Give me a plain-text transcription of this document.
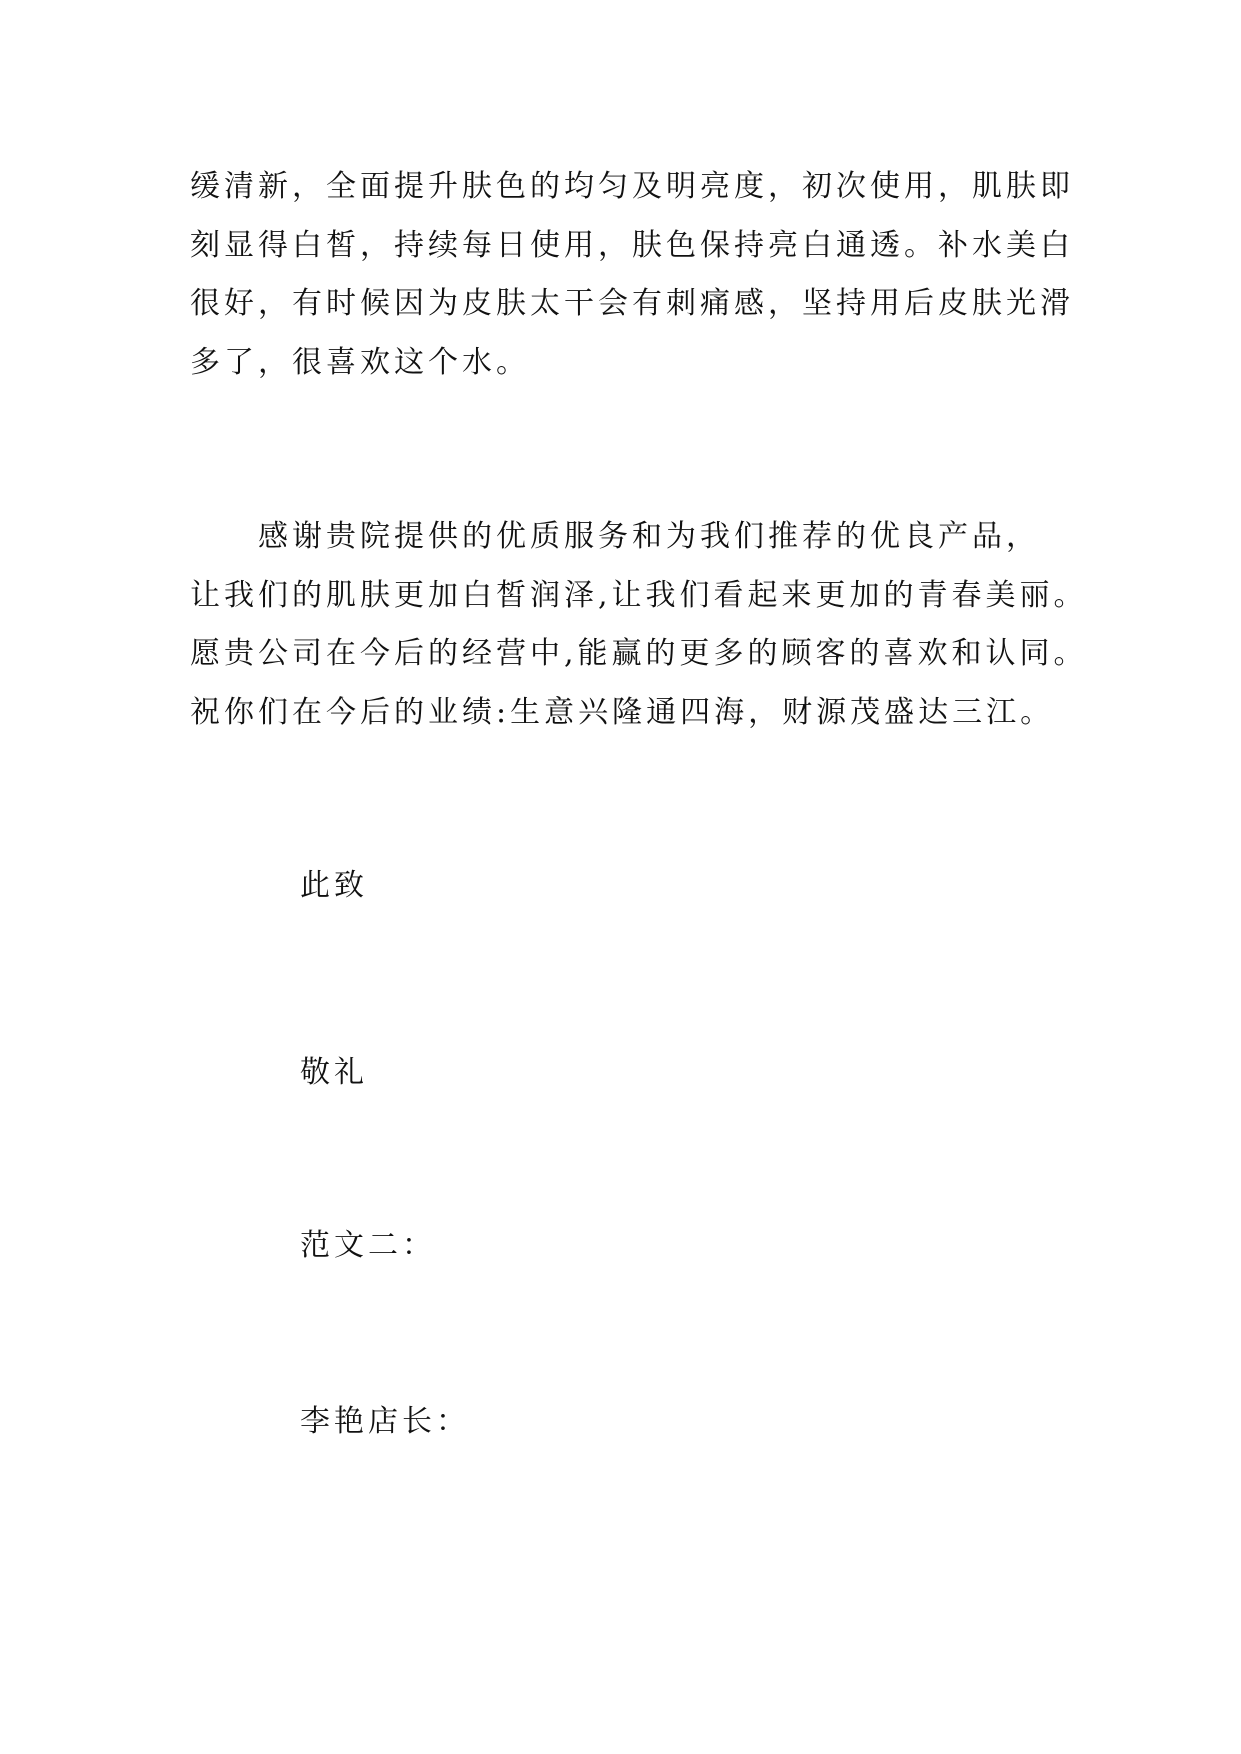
缓清新，全面提升肤色的均匀及明亮度，初次使用，肌肤即
刻显得白皙，持续每日使用，肤色保持亮白通透。补水美白
很好，有时候因为皮肤太干会有刺痛感，坚持用后皮肤光滑
多了，很喜欢这个水。
　　感谢贵院提供的优质服务和为我们推荐的优良产品，
让我们的肌肤更加白皙润泽,让我们看起来更加的青春美丽。
愿贵公司在今后的经营中,能赢的更多的顾客的喜欢和认同。
祝你们在今后的业绩:生意兴隆通四海，财源茂盛达三江。

此致

敬礼

范文二：

李艳店长：
